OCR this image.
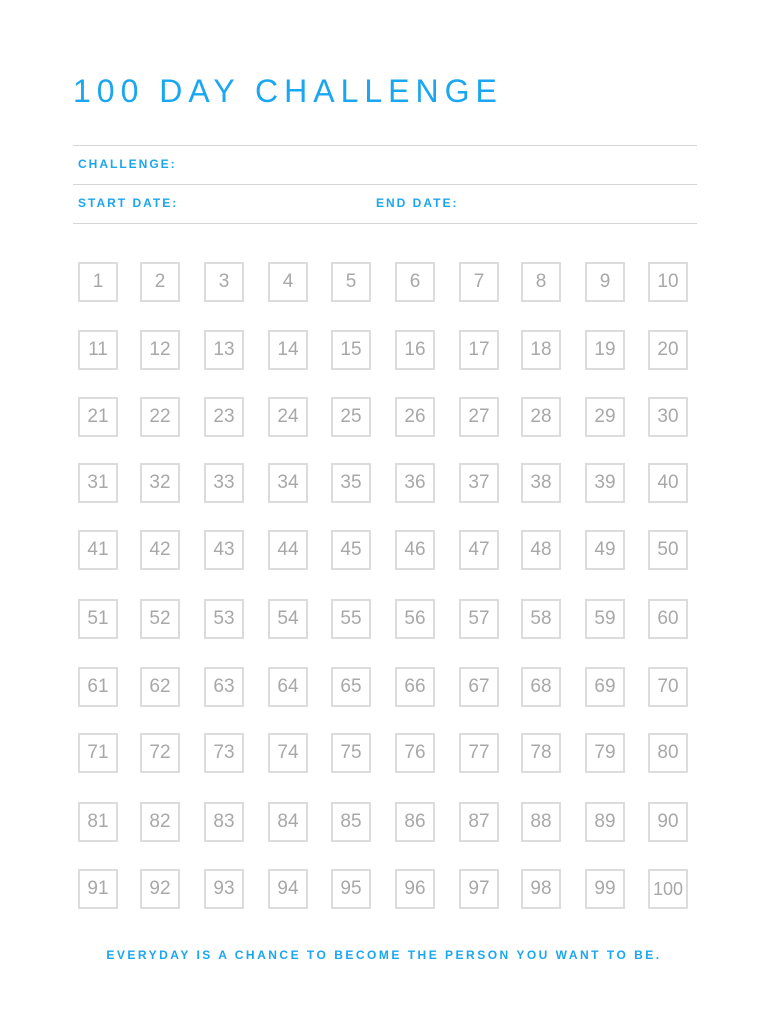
100 DAY CHALLENGE
CHALLENGE:
START DATE:	END DATE:
1	2	3	4	5	6	7	8	9	10
11	12	13	14	15	16	17	18	19	20
21	22	23	24	25	26	27	28	29	30
31	32	33	34	35	36	37	38	39	40
41	42	43	44	45	46	47	48	49	50
51	52	53	54	55	56	57	58	59	60
61	62	63	64	65	66	67	68	69	70
71	72	73	74	75	76	77	78	79	80
81	82	83	84	85	86	87	88	89	90
91	92	93	94	95	96	97	98	99	100
EVERYDAY IS A CHANCE TO BECOME THE PERSON YOU WANT TO BE.
